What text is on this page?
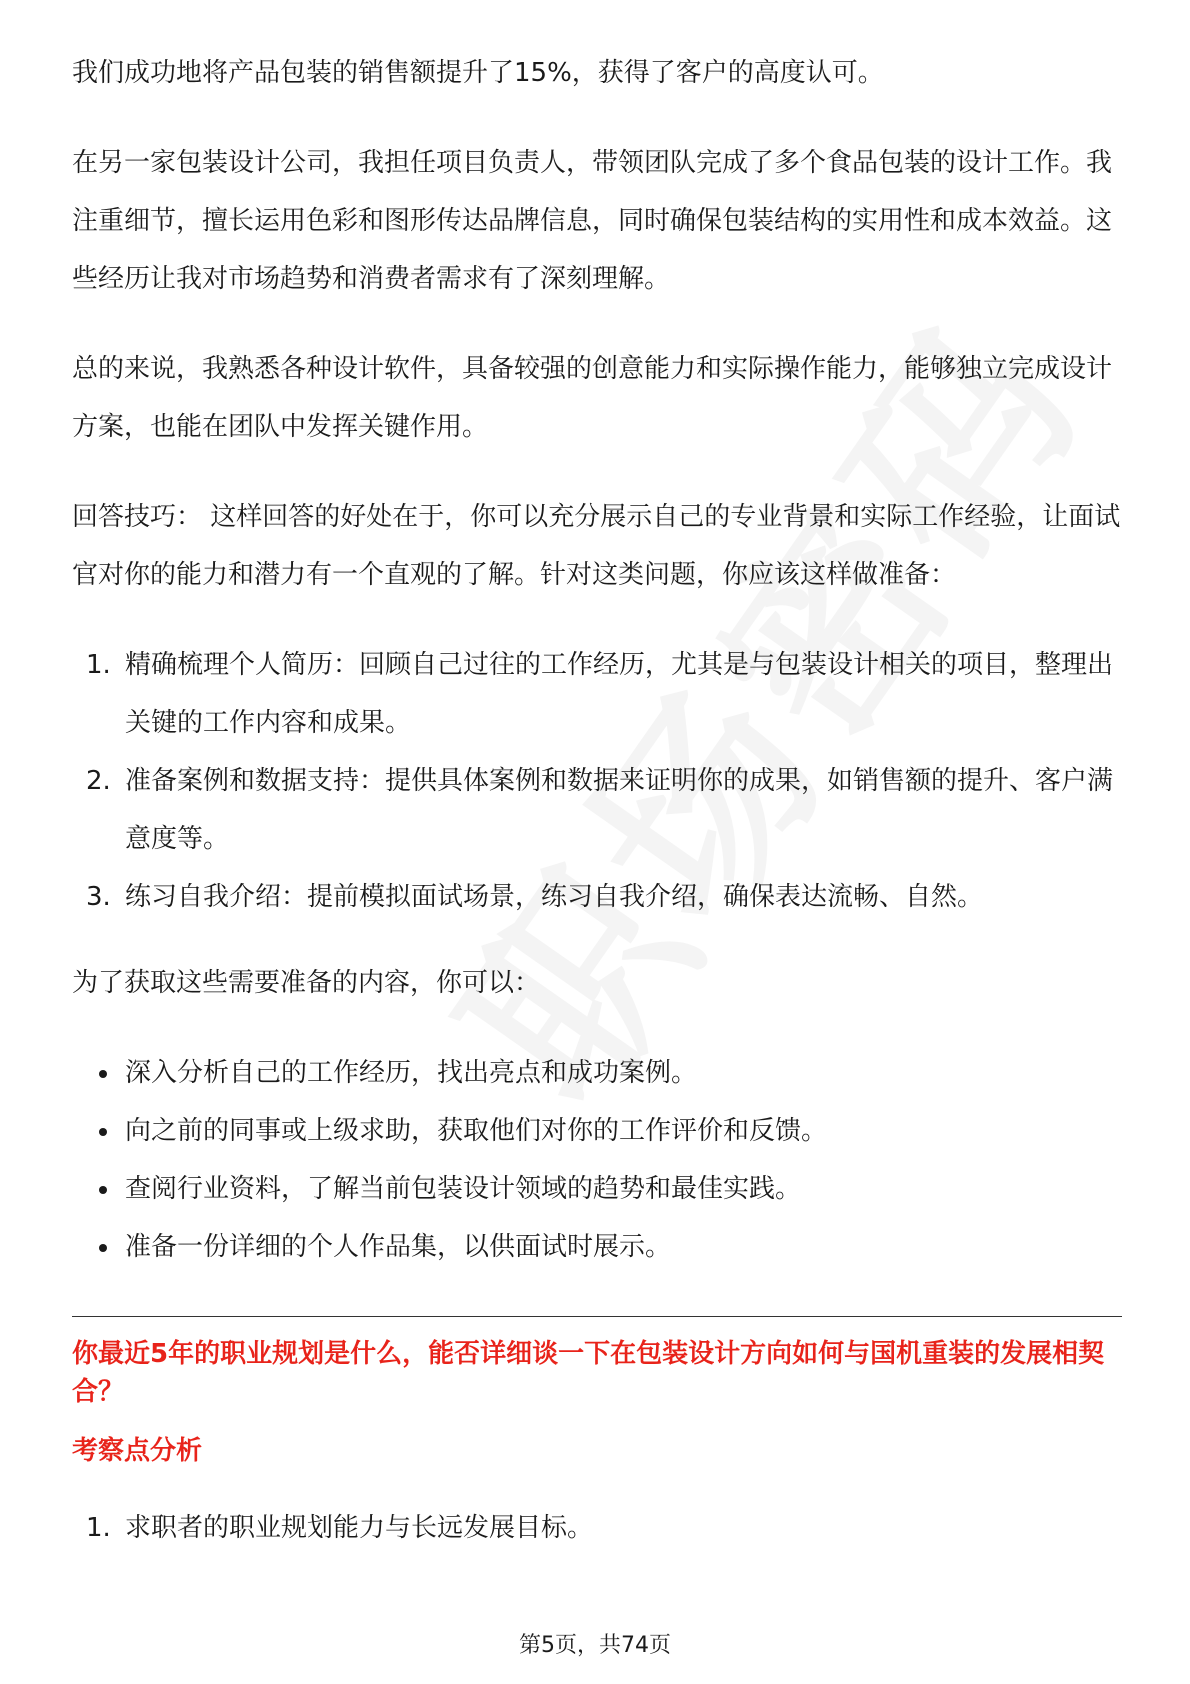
我们成功地将产品包装的销售额提升了15%，获得了客户的高度认可。

在另一家包装设计公司，我担任项目负责人，带领团队完成了多个食品包装的设计工作。我注重细节，擅长运用色彩和图形传达品牌信息，同时确保包装结构的实用性和成本效益。这些经历让我对市场趋势和消费者需求有了深刻理解。

总的来说，我熟悉各种设计软件，具备较强的创意能力和实际操作能力，能够独立完成设计方案，也能在团队中发挥关键作用。

回答技巧： 这样回答的好处在于，你可以充分展示自己的专业背景和实际工作经验，让面试官对你的能力和潜力有一个直观的了解。针对这类问题，你应该这样做准备：

1. 精确梳理个人简历：回顾自己过往的工作经历，尤其是与包装设计相关的项目，整理出关键的工作内容和成果。
2. 准备案例和数据支持：提供具体案例和数据来证明你的成果，如销售额的提升、客户满意度等。
3. 练习自我介绍：提前模拟面试场景，练习自我介绍，确保表达流畅、自然。

为了获取这些需要准备的内容，你可以：

深入分析自己的工作经历，找出亮点和成功案例。
向之前的同事或上级求助，获取他们对你的工作评价和反馈。
查阅行业资料，了解当前包装设计领域的趋势和最佳实践。
准备一份详细的个人作品集，以供面试时展示。
你最近5年的职业规划是什么，能否详细谈一下在包装设计方向如何与国机重装的发展相契合？
考察点分析
1. 求职者的职业规划能力与长远发展目标。
第5页，共74页
